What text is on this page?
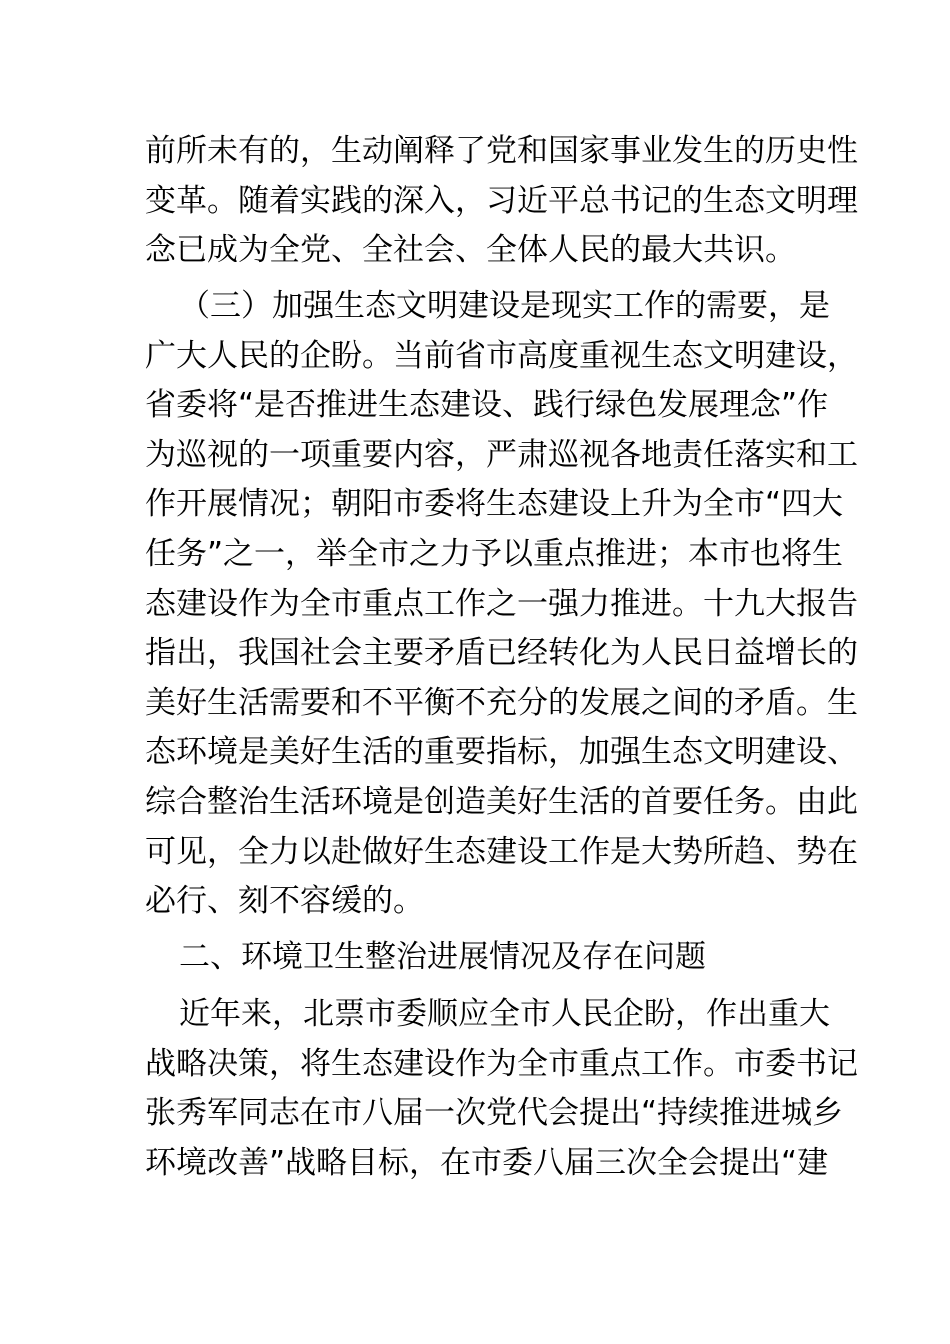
前所未有的，生动阐释了党和国家事业发生的历史性
变革。随着实践的深入，习近平总书记的生态文明理
念已成为全党、全社会、全体人民的最大共识。
（三）加强生态文明建设是现实工作的需要，是
广大人民的企盼。当前省市高度重视生态文明建设，
省委将“是否推进生态建设、践行绿色发展理念”作
为巡视的一项重要内容，严肃巡视各地责任落实和工
作开展情况；朝阳市委将生态建设上升为全市“四大
任务”之一，举全市之力予以重点推进；本市也将生
态建设作为全市重点工作之一强力推进。十九大报告
指出，我国社会主要矛盾已经转化为人民日益增长的
美好生活需要和不平衡不充分的发展之间的矛盾。生
态环境是美好生活的重要指标，加强生态文明建设、
综合整治生活环境是创造美好生活的首要任务。由此
可见，全力以赴做好生态建设工作是大势所趋、势在
必行、刻不容缓的。
二、环境卫生整治进展情况及存在问题
近年来，北票市委顺应全市人民企盼，作出重大
战略决策，将生态建设作为全市重点工作。市委书记
张秀军同志在市八届一次党代会提出“持续推进城乡
环境改善”战略目标，在市委八届三次全会提出“建
